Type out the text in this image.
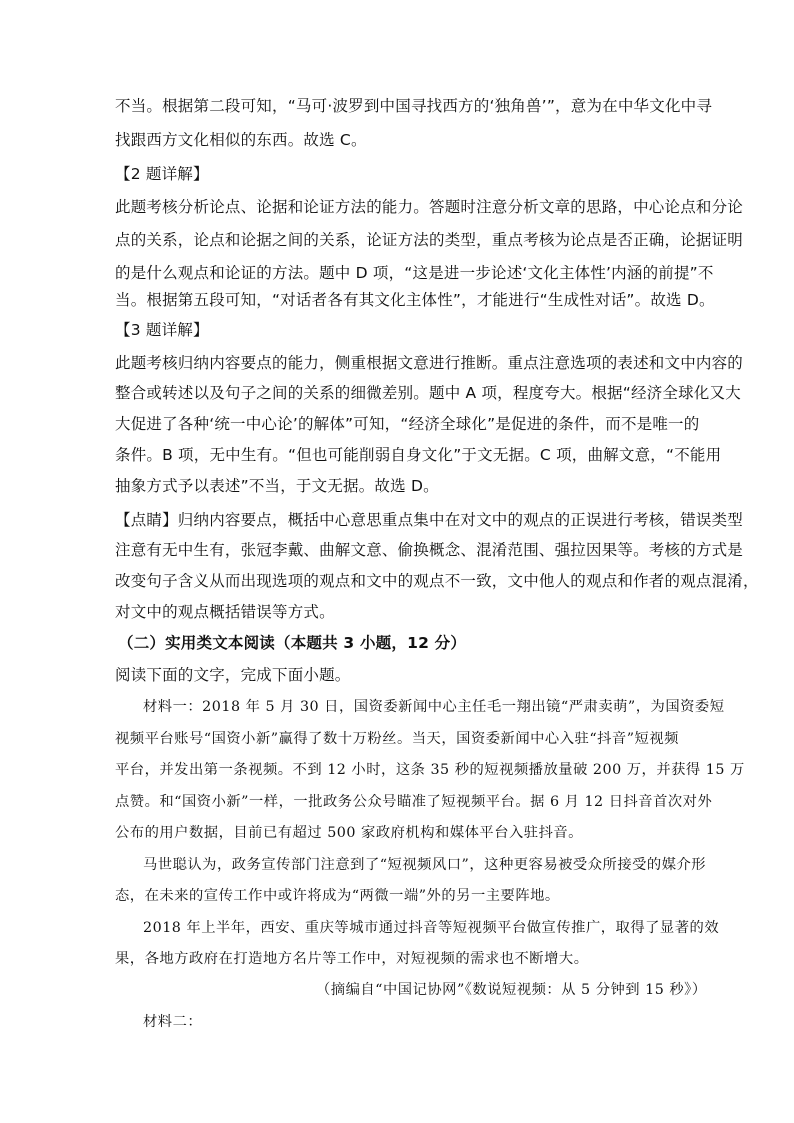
不当。根据第二段可知，“马可·波罗到中国寻找西方的‘独角兽’”，意为在中华文化中寻
找跟西方文化相似的东西。故选 C。
【2 题详解】
此题考核分析论点、论据和论证方法的能力。答题时注意分析文章的思路，中心论点和分论
点的关系，论点和论据之间的关系，论证方法的类型，重点考核为论点是否正确，论据证明
的是什么观点和论证的方法。题中 D 项，“这是进一步论述‘文化主体性’内涵的前提”不
当。根据第五段可知，“对话者各有其文化主体性”，才能进行“生成性对话”。故选 D。
【3 题详解】
此题考核归纳内容要点的能力，侧重根据文意进行推断。重点注意选项的表述和文中内容的
整合或转述以及句子之间的关系的细微差别。题中 A 项，程度夸大。根据“经济全球化又大
大促进了各种‘统一中心论’的解体”可知，“经济全球化”是促进的条件，而不是唯一的
条件。B 项，无中生有。“但也可能削弱自身文化”于文无据。C 项，曲解文意，“不能用
抽象方式予以表述”不当，于文无据。故选 D。
【点睛】归纳内容要点，概括中心意思重点集中在对文中的观点的正误进行考核，错误类型
注意有无中生有，张冠李戴、曲解文意、偷换概念、混淆范围、强拉因果等。考核的方式是
改变句子含义从而出现选项的观点和文中的观点不一致，文中他人的观点和作者的观点混淆，
对文中的观点概括错误等方式。
（二）实用类文本阅读（本题共 3 小题，12 分）
阅读下面的文字，完成下面小题。
材料一：2018 年 5 月 30 日，国资委新闻中心主任毛一翔出镜“严肃卖萌”，为国资委短
视频平台账号“国资小新”赢得了数十万粉丝。当天，国资委新闻中心入驻“抖音”短视频
平台，并发出第一条视频。不到 12 小时，这条 35 秒的短视频播放量破 200 万，并获得 15 万
点赞。和“国资小新”一样，一批政务公众号瞄准了短视频平台。据 6 月 12 日抖音首次对外
公布的用户数据，目前已有超过 500 家政府机构和媒体平台入驻抖音。
马世聪认为，政务宣传部门注意到了“短视频风口”，这种更容易被受众所接受的媒介形
态，在未来的宣传工作中或许将成为“两微一端”外的另一主要阵地。
2018 年上半年，西安、重庆等城市通过抖音等短视频平台做宣传推广，取得了显著的效
果，各地方政府在打造地方名片等工作中，对短视频的需求也不断增大。
（摘编自“中国记协网”《数说短视频：从 5 分钟到 15 秒》）
材料二：
